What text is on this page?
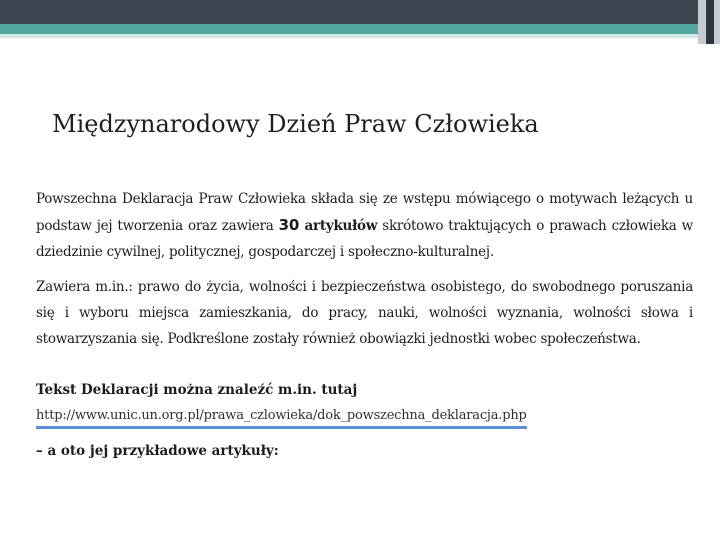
Międzynarodowy Dzień Praw Człowieka
Powszechna Deklaracja Praw Człowieka składa się ze wstępu mówiącego o motywach leżących u podstaw jej tworzenia oraz zawiera 30 artykułów skrótowo traktujących o prawach człowieka w dziedzinie cywilnej, politycznej, gospodarczej i społeczno-kulturalnej.
Zawiera m.in.: prawo do życia, wolności i bezpieczeństwa osobistego, do swobodnego poruszania się i wyboru miejsca zamieszkania, do pracy, nauki, wolności wyznania, wolności słowa i stowarzyszania się. Podkreślone zostały również obowiązki jednostki wobec społeczeństwa.
Tekst Deklaracji można znaleźć m.in. tutaj
http://www.unic.un.org.pl/prawa_czlowieka/dok_powszechna_deklaracja.php
– a oto jej przykładowe artykuły:
